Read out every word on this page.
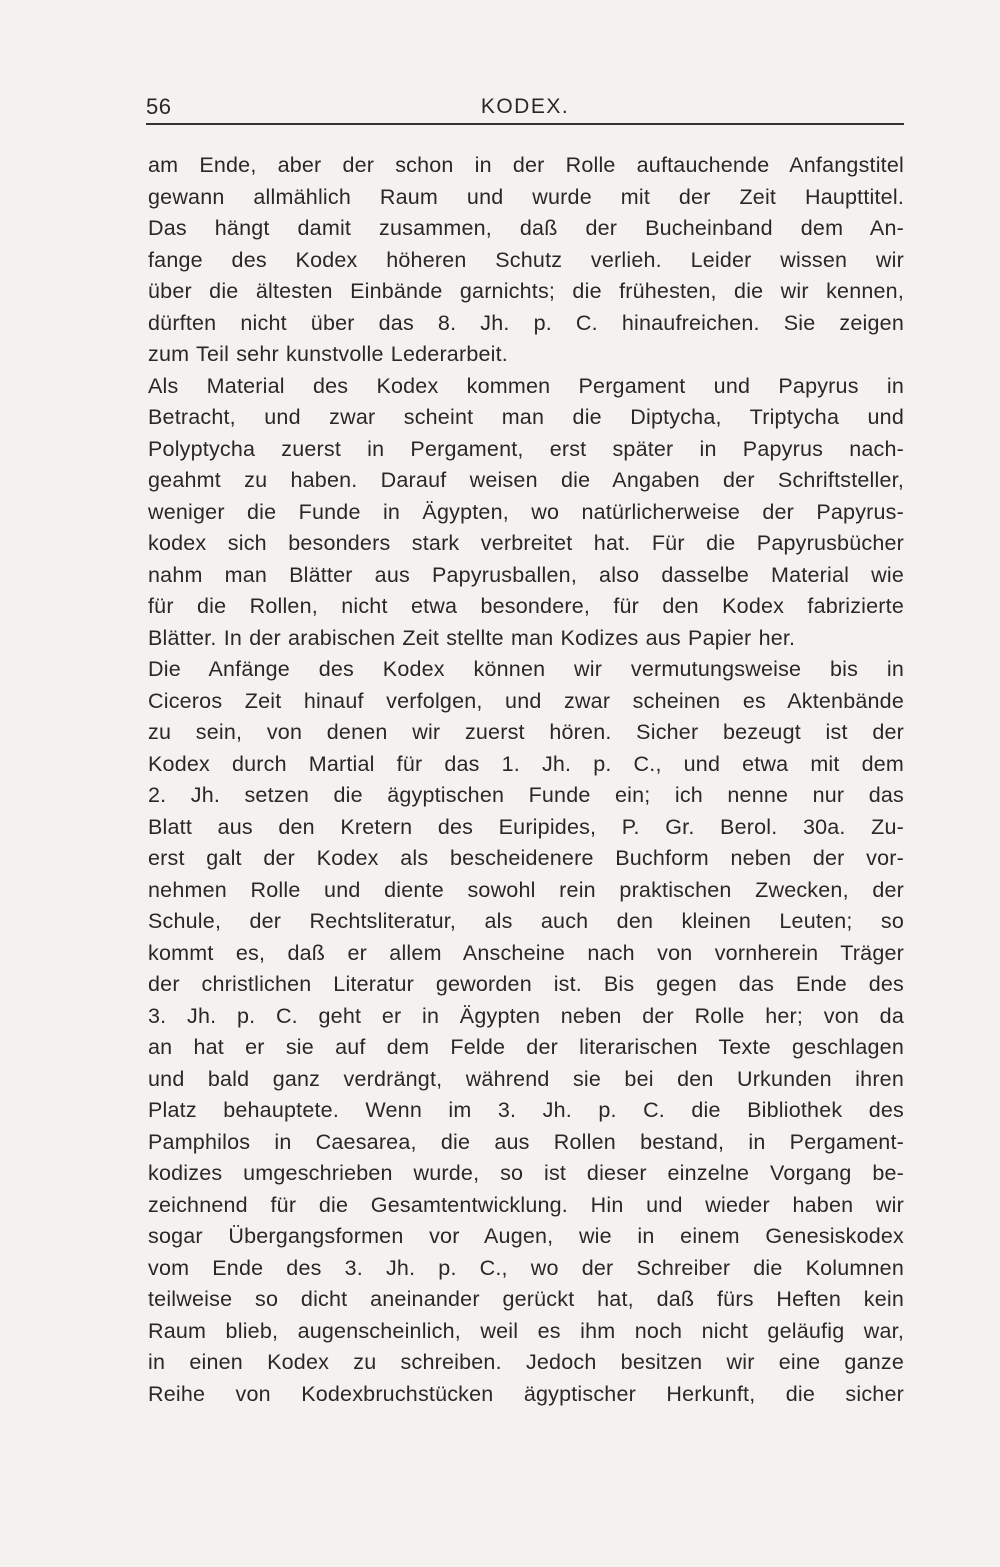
56	KODEX.
am Ende, aber der schon in der Rolle auftauchende Anfangstitel
gewann allmählich Raum und wurde mit der Zeit Haupttitel.
Das hängt damit zusammen, daß der Bucheinband dem An-
fange des Kodex höheren Schutz verlieh. Leider wissen wir
über die ältesten Einbände garnichts; die frühesten, die wir kennen,
dürften nicht über das 8. Jh. p. C. hinaufreichen. Sie zeigen
zum Teil sehr kunstvolle Lederarbeit.
Als Material des Kodex kommen Pergament und Papyrus in
Betracht, und zwar scheint man die Diptycha, Triptycha und
Polyptycha zuerst in Pergament, erst später in Papyrus nach-
geahmt zu haben. Darauf weisen die Angaben der Schriftsteller,
weniger die Funde in Ägypten, wo natürlicherweise der Papyrus-
kodex sich besonders stark verbreitet hat. Für die Papyrusbücher
nahm man Blätter aus Papyrusballen, also dasselbe Material wie
für die Rollen, nicht etwa besondere, für den Kodex fabrizierte
Blätter. In der arabischen Zeit stellte man Kodizes aus Papier her.
Die Anfänge des Kodex können wir vermutungsweise bis in
Ciceros Zeit hinauf verfolgen, und zwar scheinen es Aktenbände
zu sein, von denen wir zuerst hören. Sicher bezeugt ist der
Kodex durch Martial für das 1. Jh. p. C., und etwa mit dem
2. Jh. setzen die ägyptischen Funde ein; ich nenne nur das
Blatt aus den Kretern des Euripides, P. Gr. Berol. 30a. Zu-
erst galt der Kodex als bescheidenere Buchform neben der vor-
nehmen Rolle und diente sowohl rein praktischen Zwecken, der
Schule, der Rechtsliteratur, als auch den kleinen Leuten; so
kommt es, daß er allem Anscheine nach von vornherein Träger
der christlichen Literatur geworden ist. Bis gegen das Ende des
3. Jh. p. C. geht er in Ägypten neben der Rolle her; von da
an hat er sie auf dem Felde der literarischen Texte geschlagen
und bald ganz verdrängt, während sie bei den Urkunden ihren
Platz behauptete. Wenn im 3. Jh. p. C. die Bibliothek des
Pamphilos in Caesarea, die aus Rollen bestand, in Pergament-
kodizes umgeschrieben wurde, so ist dieser einzelne Vorgang be-
zeichnend für die Gesamtentwicklung. Hin und wieder haben wir
sogar Übergangsformen vor Augen, wie in einem Genesiskodex
vom Ende des 3. Jh. p. C., wo der Schreiber die Kolumnen
teilweise so dicht aneinander gerückt hat, daß fürs Heften kein
Raum blieb, augenscheinlich, weil es ihm noch nicht geläufig war,
in einen Kodex zu schreiben. Jedoch besitzen wir eine ganze
Reihe von Kodexbruchstücken ägyptischer Herkunft, die sicher
